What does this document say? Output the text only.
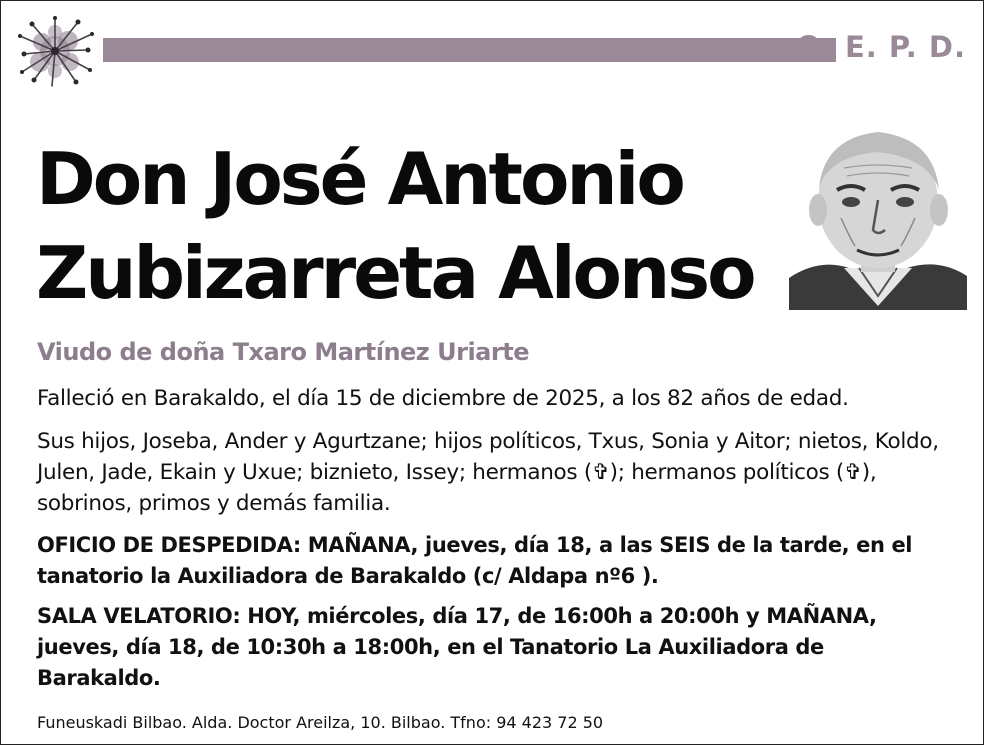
Q. E. P. D.
Don José Antonio
Zubizarreta Alonso
Viudo de doña Txaro Martínez Uriarte
Falleció en Barakaldo, el día 15 de diciembre de 2025, a los 82 años de edad.
Sus hijos, Joseba, Ander y Agurtzane; hijos políticos, Txus, Sonia y Aitor; nietos, Koldo, Julen, Jade, Ekain y Uxue; biznieto, Issey; hermanos (✞); hermanos políticos (✞), sobrinos, primos y demás familia.
OFICIO DE DESPEDIDA: MAÑANA, jueves, día 18, a las SEIS de la tarde, en el tanatorio la Auxiliadora de Barakaldo (c/ Aldapa nº6 ).
SALA VELATORIO: HOY, miércoles, día 17, de 16:00h a 20:00h y MAÑANA, jueves, día 18, de 10:30h a 18:00h, en el Tanatorio La Auxiliadora de Barakaldo.
Funeuskadi Bilbao. Alda. Doctor Areilza, 10. Bilbao. Tfno: 94 423 72 50
